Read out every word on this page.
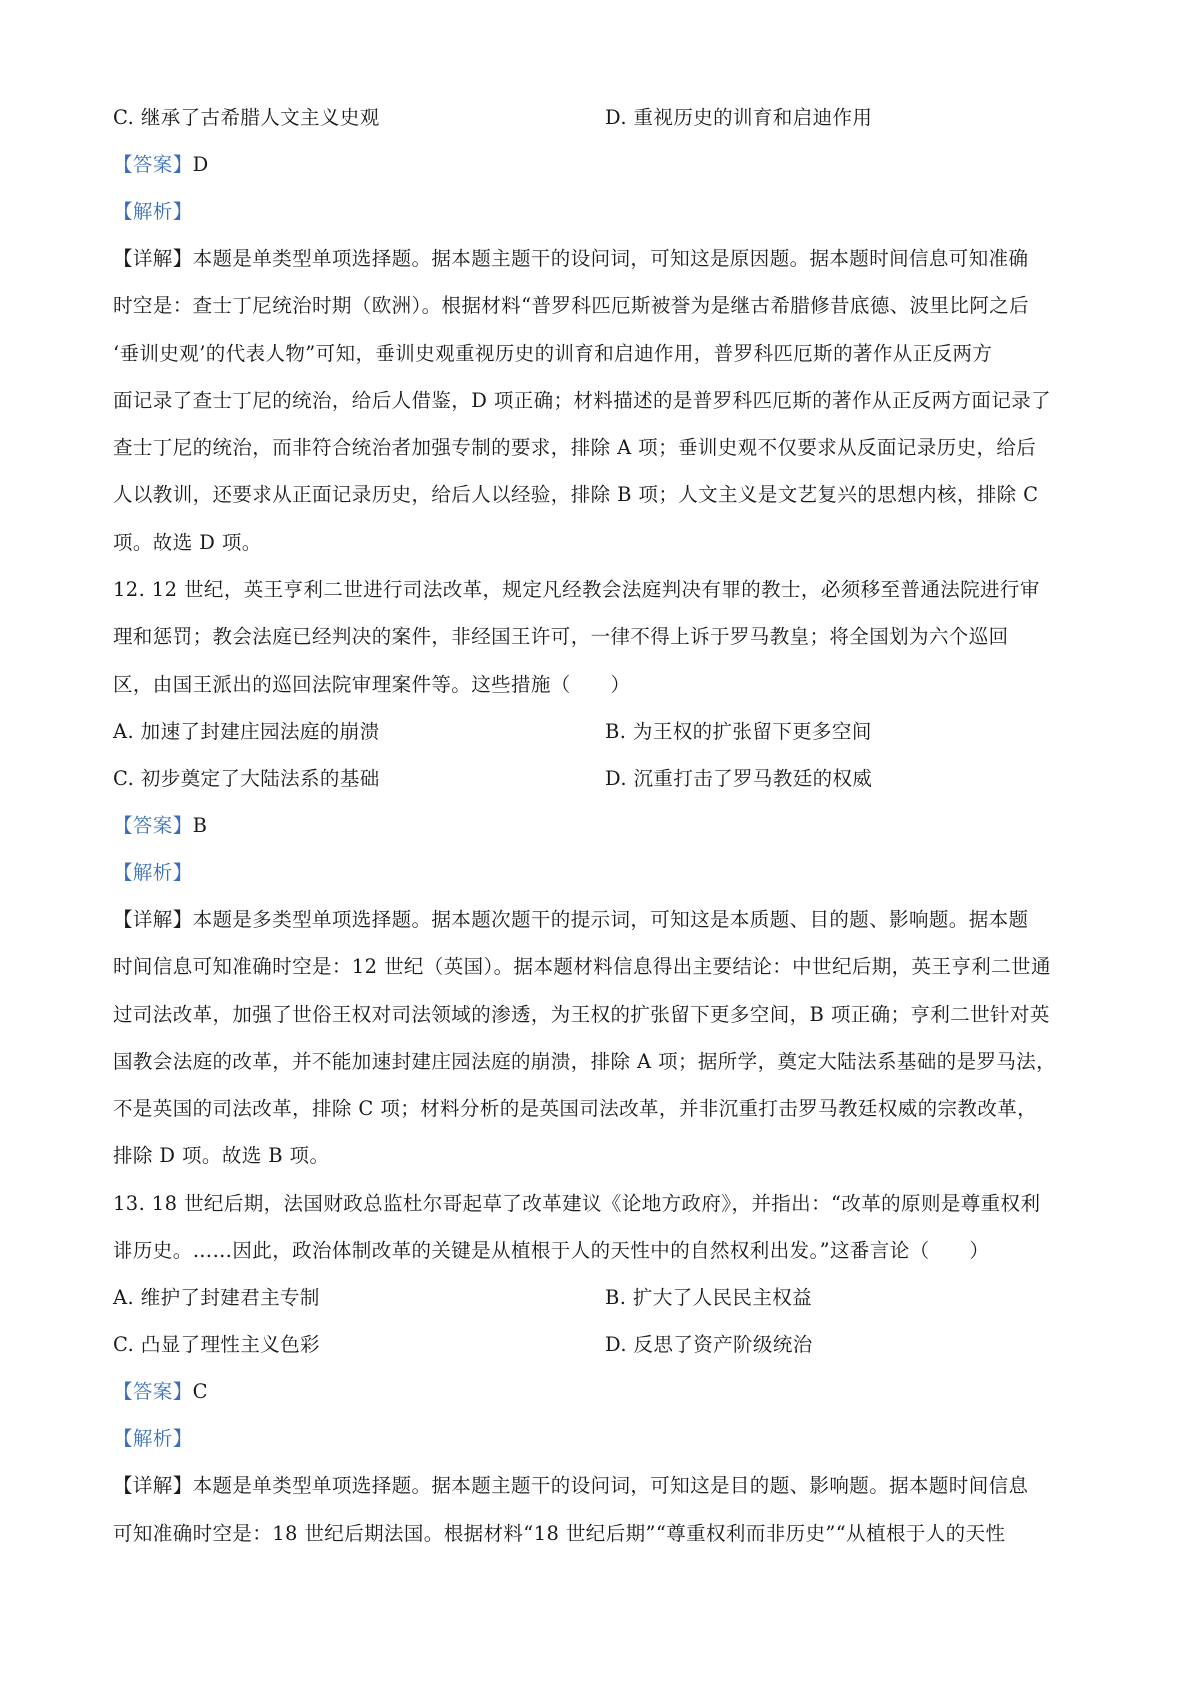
C. 继承了古希腊人文主义史观	D. 重视历史的训育和启迪作用
【答案】D
【解析】
【详解】本题是单类型单项选择题。据本题主题干的设问词，可知这是原因题。据本题时间信息可知准确
时空是：查士丁尼统治时期（欧洲）。根据材料“普罗科匹厄斯被誉为是继古希腊修昔底德、波里比阿之后
‘垂训史观’的代表人物”可知，垂训史观重视历史的训育和启迪作用，普罗科匹厄斯的著作从正反两方
面记录了查士丁尼的统治，给后人借鉴，D 项正确；材料描述的是普罗科匹厄斯的著作从正反两方面记录了
查士丁尼的统治，而非符合统治者加强专制的要求，排除 A 项；垂训史观不仅要求从反面记录历史，给后
人以教训，还要求从正面记录历史，给后人以经验，排除 B 项；人文主义是文艺复兴的思想内核，排除 C
项。故选 D 项。
12. 12 世纪，英王亨利二世进行司法改革，规定凡经教会法庭判决有罪的教士，必须移至普通法院进行审
理和惩罚；教会法庭已经判决的案件，非经国王许可，一律不得上诉于罗马教皇；将全国划为六个巡回
区，由国王派出的巡回法院审理案件等。这些措施（　　）
A. 加速了封建庄园法庭的崩溃	B. 为王权的扩张留下更多空间
C. 初步奠定了大陆法系的基础	D. 沉重打击了罗马教廷的权威
【答案】B
【解析】
【详解】本题是多类型单项选择题。据本题次题干的提示词，可知这是本质题、目的题、影响题。据本题
时间信息可知准确时空是：12 世纪（英国）。据本题材料信息得出主要结论：中世纪后期，英王亨利二世通
过司法改革，加强了世俗王权对司法领域的渗透，为王权的扩张留下更多空间，B 项正确；亨利二世针对英
国教会法庭的改革，并不能加速封建庄园法庭的崩溃，排除 A 项；据所学，奠定大陆法系基础的是罗马法，
不是英国的司法改革，排除 C 项；材料分析的是英国司法改革，并非沉重打击罗马教廷权威的宗教改革，
排除 D 项。故选 B 项。
13. 18 世纪后期，法国财政总监杜尔哥起草了改革建议《论地方政府》，并指出：“改革的原则是尊重权利
诽历史。……因此，政治体制改革的关键是从植根于人的天性中的自然权利出发。”这番言论（　　）
A. 维护了封建君主专制	B. 扩大了人民民主权益
C. 凸显了理性主义色彩	D. 反思了资产阶级统治
【答案】C
【解析】
【详解】本题是单类型单项选择题。据本题主题干的设问词，可知这是目的题、影响题。据本题时间信息
可知准确时空是：18 世纪后期法国。根据材料“18 世纪后期”“尊重权利而非历史”“从植根于人的天性
